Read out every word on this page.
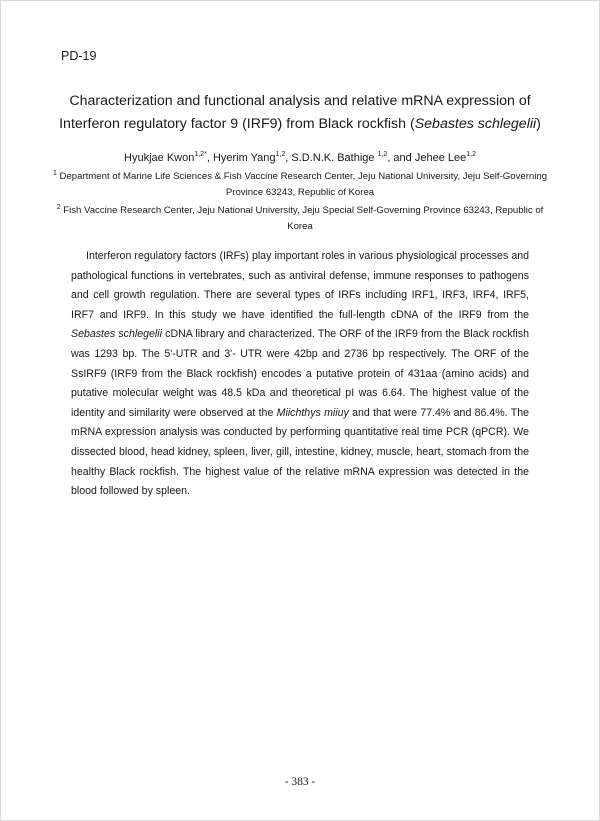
PD-19
Characterization and functional analysis and relative mRNA expression of Interferon regulatory factor 9 (IRF9) from Black rockfish (Sebastes schlegelii)
Hyukjae Kwon$^{1,2*}$, Hyerim Yang$^{1,2}$, S.D.N.K. Bathige $^{1,2}$, and Jehee Lee$^{1,2}$
$^1$ Department of Marine Life Sciences & Fish Vaccine Research Center, Jeju National University, Jeju Self-Governing Province 63243, Republic of Korea
$^2$ Fish Vaccine Research Center, Jeju National University, Jeju Special Self-Governing Province 63243, Republic of Korea

Interferon regulatory factors (IRFs) play important roles in various physiological processes and pathological functions in vertebrates, such as antiviral defense, immune responses to pathogens and cell growth regulation. There are several types of IRFs including IRF1, IRF3, IRF4, IRF5, IRF7 and IRF9. In this study we have identified the full-length cDNA of the IRF9 from the Sebastes schlegelii cDNA library and characterized. The ORF of the IRF9 from the Black rockfish was 1293 bp. The 5'-UTR and 3'- UTR were 42bp and 2736 bp respectively. The ORF of the SsIRF9 (IRF9 from the Black rockfish) encodes a putative protein of 431aa (amino acids) and putative molecular weight was 48.5 kDa and theoretical pI was 6.64. The highest value of the identity and similarity were observed at the Miichthys miiuy and that were 77.4% and 86.4%. The mRNA expression analysis was conducted by performing quantitative real time PCR (qPCR). We dissected blood, head kidney, spleen, liver, gill, intestine, kidney, muscle, heart, stomach from the healthy Black rockfish. The highest value of the relative mRNA expression was detected in the blood followed by spleen.

- 383 -
